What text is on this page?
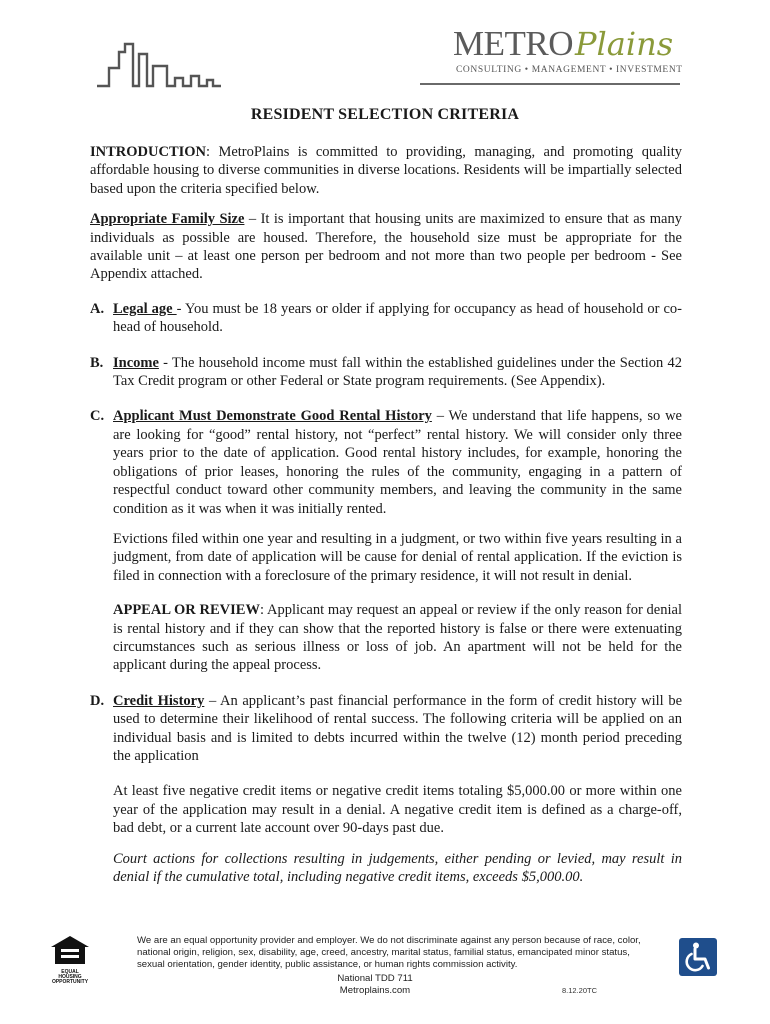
METROPlains
CONSULTING • MANAGEMENT • INVESTMENT
RESIDENT SELECTION CRITERIA

INTRODUCTION: MetroPlains is committed to providing, managing, and promoting quality affordable housing to diverse communities in diverse locations. Residents will be impartially selected based upon the criteria specified below.

Appropriate Family Size – It is important that housing units are maximized to ensure that as many individuals as possible are housed. Therefore, the household size must be appropriate for the available unit – at least one person per bedroom and not more than two people per bedroom - See Appendix attached.

A. Legal age - You must be 18 years or older if applying for occupancy as head of household or co-head of household.

B. Income - The household income must fall within the established guidelines under the Section 42 Tax Credit program or other Federal or State program requirements. (See Appendix).

C. Applicant Must Demonstrate Good Rental History – We understand that life happens, so we are looking for “good” rental history, not “perfect” rental history. We will consider only three years prior to the date of application. Good rental history includes, for example, honoring the obligations of prior leases, honoring the rules of the community, engaging in a pattern of respectful conduct toward other community members, and leaving the community in the same condition as it was when it was initially rented.

Evictions filed within one year and resulting in a judgment, or two within five years resulting in a judgment, from date of application will be cause for denial of rental application. If the eviction is filed in connection with a foreclosure of the primary residence, it will not result in denial.

APPEAL OR REVIEW: Applicant may request an appeal or review if the only reason for denial is rental history and if they can show that the reported history is false or there were extenuating circumstances such as serious illness or loss of job. An apartment will not be held for the applicant during the appeal process.

D. Credit History – An applicant’s past financial performance in the form of credit history will be used to determine their likelihood of rental success. The following criteria will be applied on an individual basis and is limited to debts incurred within the twelve (12) month period preceding the application

At least five negative credit items or negative credit items totaling $5,000.00 or more within one year of the application may result in a denial. A negative credit item is defined as a charge-off, bad debt, or a current late account over 90-days past due.

Court actions for collections resulting in judgements, either pending or levied, may result in denial if the cumulative total, including negative credit items, exceeds $5,000.00.

EQUAL HOUSING
OPPORTUNITY
We are an equal opportunity provider and employer. We do not discriminate against any person because of race, color, national origin, religion, sex, disability, age, creed, ancestry, marital status, familial status, emancipated minor status, sexual orientation, gender identity, public assistance, or human rights commission activity.
National TDD 711
Metroplains.com	8.12.20TC
